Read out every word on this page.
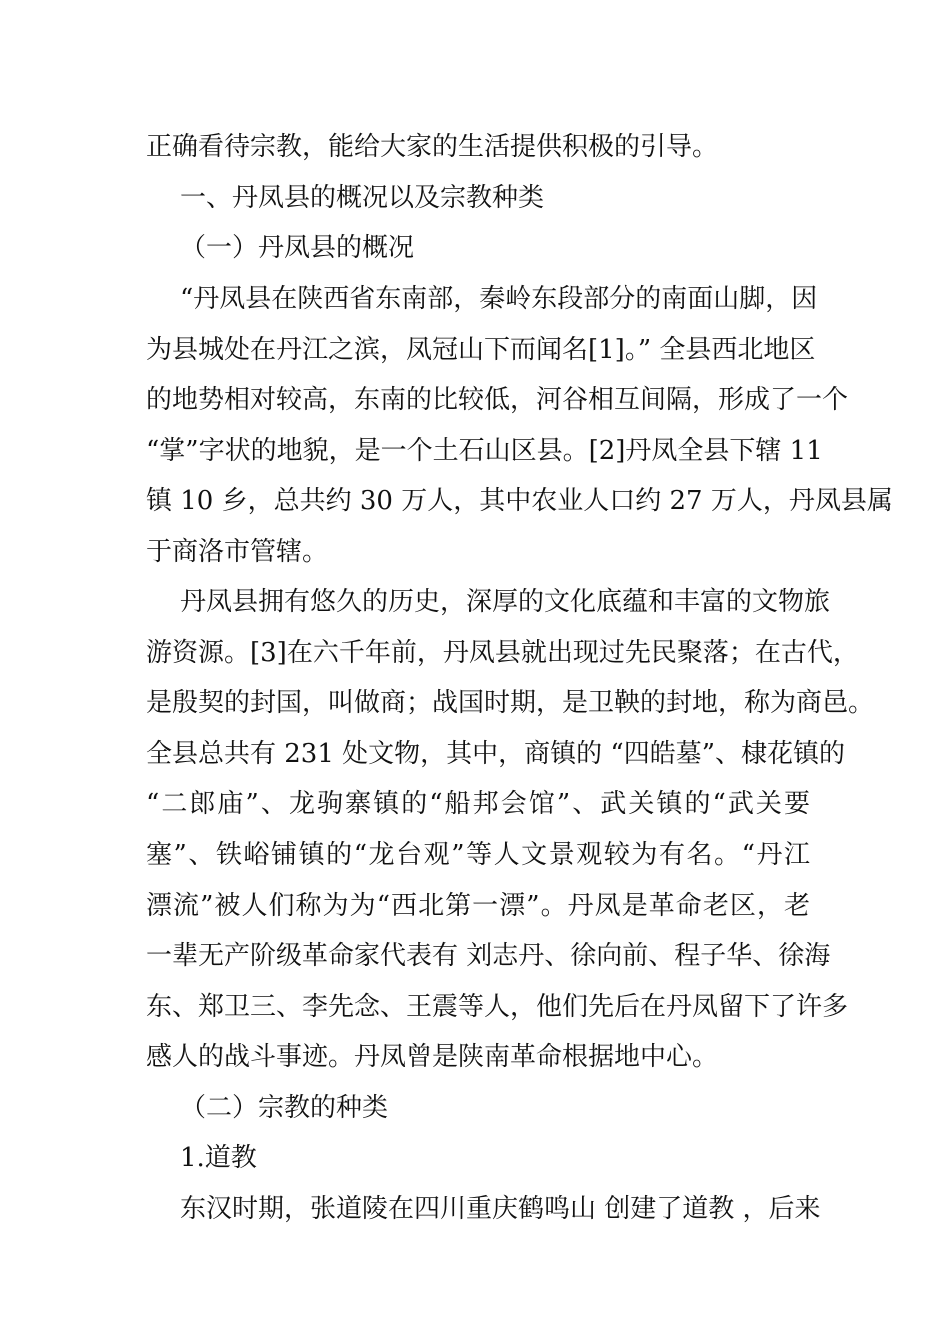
正确看待宗教，能给大家的生活提供积极的引导。
一、丹凤县的概况以及宗教种类
（一）丹凤县的概况
“丹凤县在陕西省东南部，秦岭东段部分的南面山脚，因
为县城处在丹江之滨，凤冠山下而闻名[1]。” 全县西北地区
的地势相对较高，东南的比较低，河谷相互间隔，形成了一个
“掌”字状的地貌，是一个土石山区县。[2]丹凤全县下辖 11
镇 10 乡，总共约 30 万人，其中农业人口约 27 万人，丹凤县属
于商洛市管辖。
丹凤县拥有悠久的历史，深厚的文化底蕴和丰富的文物旅
游资源。[3]在六千年前，丹凤县就出现过先民聚落；在古代，
是殷契的封国，叫做商；战国时期，是卫鞅的封地，称为商邑。
全县总共有 231 处文物，其中，商镇的 “四皓墓”、棣花镇的
“二郎庙”、龙驹寨镇的“船邦会馆”、武关镇的“武关要
塞”、铁峪铺镇的“龙台观”等人文景观较为有名。“丹江
漂流”被人们称为为“西北第一漂”。丹凤是革命老区，老
一辈无产阶级革命家代表有 刘志丹、徐向前、程子华、徐海
东、郑卫三、李先念、王震等人，他们先后在丹凤留下了许多
感人的战斗事迹。丹凤曾是陕南革命根据地中心。
（二）宗教的种类
1.道教
东汉时期，张道陵在四川重庆鹤鸣山 创建了道教 ，后来
